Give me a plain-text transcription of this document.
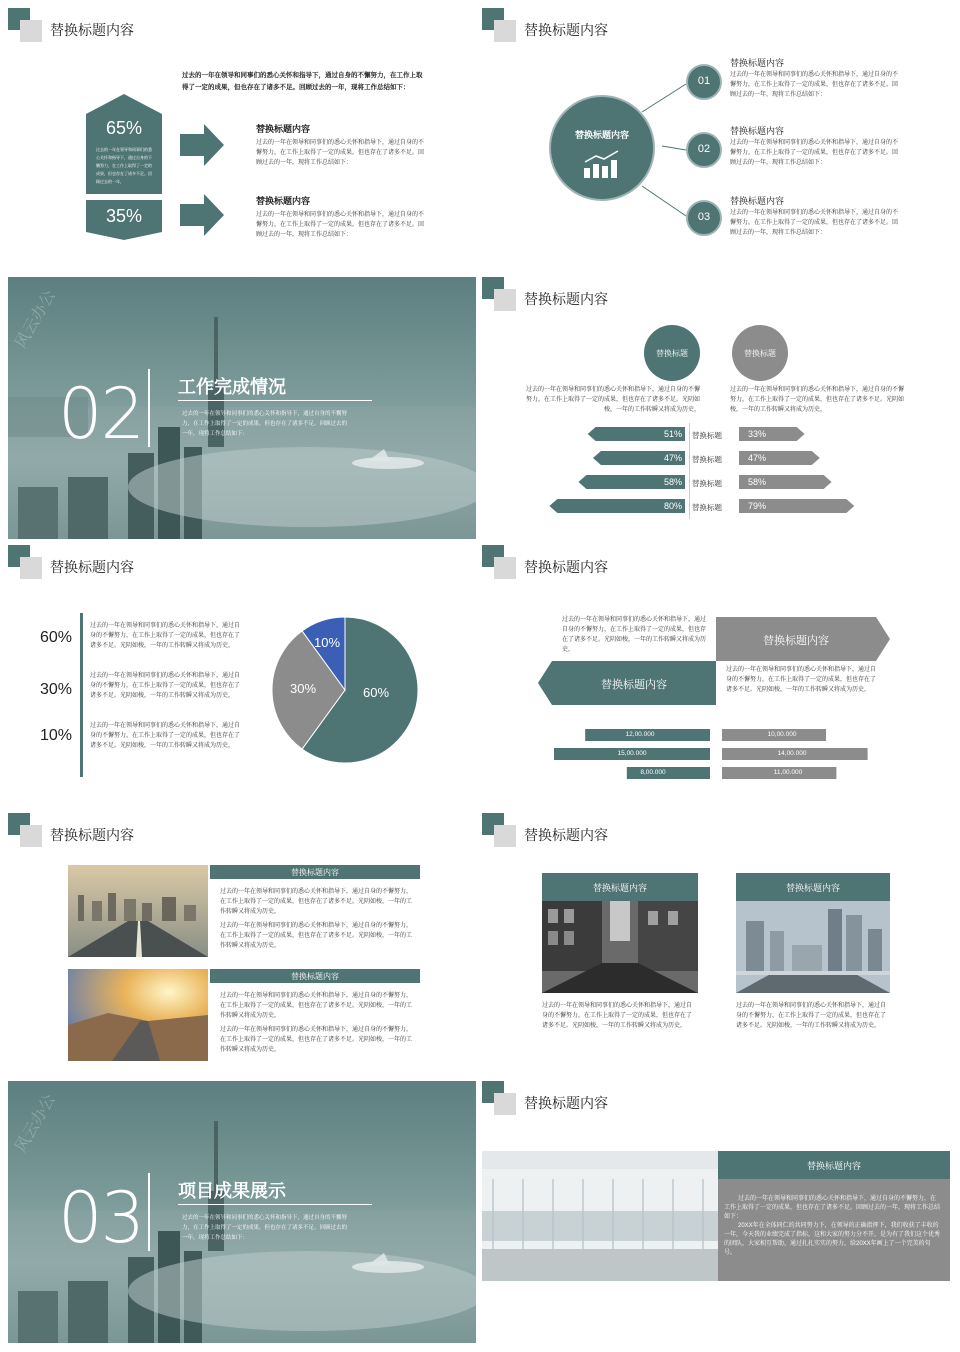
替换标题内容
过去的一年在领导和同事们的悉心关怀和指导下，通过自身的不懈努力，在工作上取得了一定的成果，但也存在了诸多不足。回顾过去的一年，现将工作总结如下：
65%
过去的一年在领导和同事们的悉心关怀和指导下，通过自身的不懈努力，在工作上取得了一定的成果，但也存在了诸多不足。回顾过去的一年，
35%
替换标题内容
过去的一年在领导和同事们的悉心关怀和指导下，通过自身的不懈努力，在工作上取得了一定的成果，但也存在了诸多不足。回顾过去的一年，现将工作总结如下：
替换标题内容
过去的一年在领导和同事们的悉心关怀和指导下，通过自身的不懈努力，在工作上取得了一定的成果，但也存在了诸多不足。回顾过去的一年，现将工作总结如下：
替换标题内容
替换标题内容
01
02
03
替换标题内容
过去的一年在领导和同事们的悉心关怀和指导下，通过自身的不懈努力，在工作上取得了一定的成果，但也存在了诸多不足。回顾过去的一年，现将工作总结如下：
替换标题内容
过去的一年在领导和同事们的悉心关怀和指导下，通过自身的不懈努力，在工作上取得了一定的成果，但也存在了诸多不足。回顾过去的一年，现将工作总结如下：
替换标题内容
过去的一年在领导和同事们的悉心关怀和指导下，通过自身的不懈努力，在工作上取得了一定的成果，但也存在了诸多不足。回顾过去的一年，现将工作总结如下：
风云办公
02 工作完成情况
过去的一年在领导和同事们的悉心关怀和指导下，通过自身的不懈努力，在工作上取得了一定的成果，但也存在了诸多不足。回顾过去的一年，现将工作总结如下：
替换标题内容
替换标题	替换标题
过去的一年在领导和同事们的悉心关怀和指导下，通过自身的不懈努力，在工作上取得了一定的成果，但也存在了诸多不足。光阴如梭，一年的工作转瞬又将成为历史，
过去的一年在领导和同事们的悉心关怀和指导下，通过自身的不懈努力，在工作上取得了一定的成果，但也存在了诸多不足。光阴如梭，一年的工作转瞬又将成为历史，
51% 替换标题	33%
47% 替换标题	47%
58% 替换标题	58%
80% 替换标题	79%
替换标题内容
60%
过去的一年在领导和同事们的悉心关怀和指导下，通过自身的不懈努力，在工作上取得了一定的成果，但也存在了诸多不足。光阴如梭，一年的工作转瞬又将成为历史，
30%
过去的一年在领导和同事们的悉心关怀和指导下，通过自身的不懈努力，在工作上取得了一定的成果，但也存在了诸多不足。光阴如梭，一年的工作转瞬又将成为历史，
10%
过去的一年在领导和同事们的悉心关怀和指导下，通过自身的不懈努力，在工作上取得了一定的成果，但也存在了诸多不足。光阴如梭，一年的工作转瞬又将成为历史，
60%
30%
10%
替换标题内容
过去的一年在领导和同事们的悉心关怀和指导下，通过自身的不懈努力，在工作上取得了一定的成果，但也存在了诸多不足。光阴如梭，一年的工作转瞬又将成为历史，
替换标题内容
替换标题内容
过去的一年在领导和同事们的悉心关怀和指导下，通过自身的不懈努力，在工作上取得了一定的成果，但也存在了诸多不足。光阴如梭，一年的工作转瞬又将成为历史，
12,00.000	10,00.000
15,00.000	14,00.000
8,00.000	11,00.000
替换标题内容
替换标题内容
过去的一年在领导和同事们的悉心关怀和指导下，通过自身的不懈努力，在工作上取得了一定的成果，但也存在了诸多不足。光阴如梭，一年的工作转瞬又将成为历史，
过去的一年在领导和同事们的悉心关怀和指导下，通过自身的不懈努力，在工作上取得了一定的成果，但也存在了诸多不足。光阴如梭，一年的工作转瞬又将成为历史，
替换标题内容
过去的一年在领导和同事们的悉心关怀和指导下，通过自身的不懈努力，在工作上取得了一定的成果，但也存在了诸多不足。光阴如梭，一年的工作转瞬又将成为历史，
过去的一年在领导和同事们的悉心关怀和指导下，通过自身的不懈努力，在工作上取得了一定的成果，但也存在了诸多不足。光阴如梭，一年的工作转瞬又将成为历史，
替换标题内容
替换标题内容
过去的一年在领导和同事们的悉心关怀和指导下，通过自身的不懈努力，在工作上取得了一定的成果，但也存在了诸多不足。光阴如梭，一年的工作转瞬又将成为历史，
替换标题内容
过去的一年在领导和同事们的悉心关怀和指导下，通过自身的不懈努力，在工作上取得了一定的成果，但也存在了诸多不足。光阴如梭，一年的工作转瞬又将成为历史，
风云办公
03 项目成果展示
过去的一年在领导和同事们的悉心关怀和指导下，通过自身的不懈努力，在工作上取得了一定的成果，但也存在了诸多不足。回顾过去的一年，现将工作总结如下：
替换标题内容
替换标题内容
过去的一年在领导和同事们的悉心关怀和指导下，通过自身的不懈努力，在工作上取得了一定的成果，但也存在了诸多不足。回顾过去的一年，现将工作总结如下：
20XX年在全体同仁的共同努力下，在领导的正确指挥下，我们收获了丰收的一年，今天我的业绩完成了指标，这和大家的努力分不开，是为有了我们这个优秀的团队，大家相互帮助，通过扎扎实实的努力，给20XX年画上了一个完美的句号。
